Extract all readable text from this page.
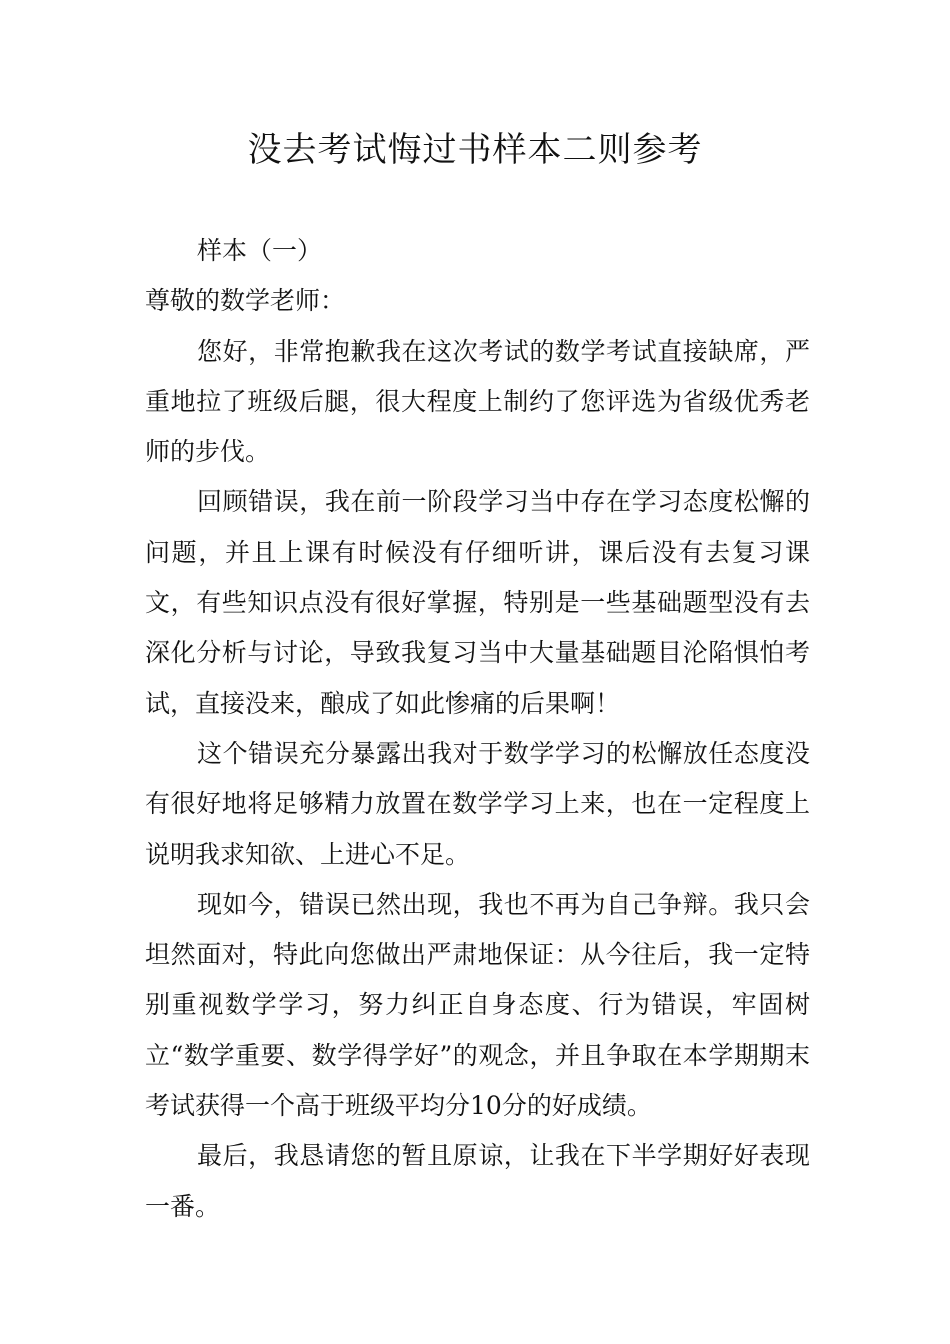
没去考试悔过书样本二则参考

样本（一）

尊敬的数学老师：

您好，非常抱歉我在这次考试的数学考试直接缺席，严重地拉了班级后腿，很大程度上制约了您评选为省级优秀老师的步伐。

回顾错误，我在前一阶段学习当中存在学习态度松懈的问题，并且上课有时候没有仔细听讲，课后没有去复习课文，有些知识点没有很好掌握，特别是一些基础题型没有去深化分析与讨论，导致我复习当中大量基础题目沦陷惧怕考试，直接没来，酿成了如此惨痛的后果啊！

这个错误充分暴露出我对于数学学习的松懈放任态度没有很好地将足够精力放置在数学学习上来，也在一定程度上说明我求知欲、上进心不足。

现如今，错误已然出现，我也不再为自己争辩。我只会坦然面对，特此向您做出严肃地保证：从今往后，我一定特别重视数学学习，努力纠正自身态度、行为错误，牢固树立“数学重要、数学得学好”的观念，并且争取在本学期期末考试获得一个高于班级平均分10分的好成绩。

最后，我恳请您的暂且原谅，让我在下半学期好好表现一番。
